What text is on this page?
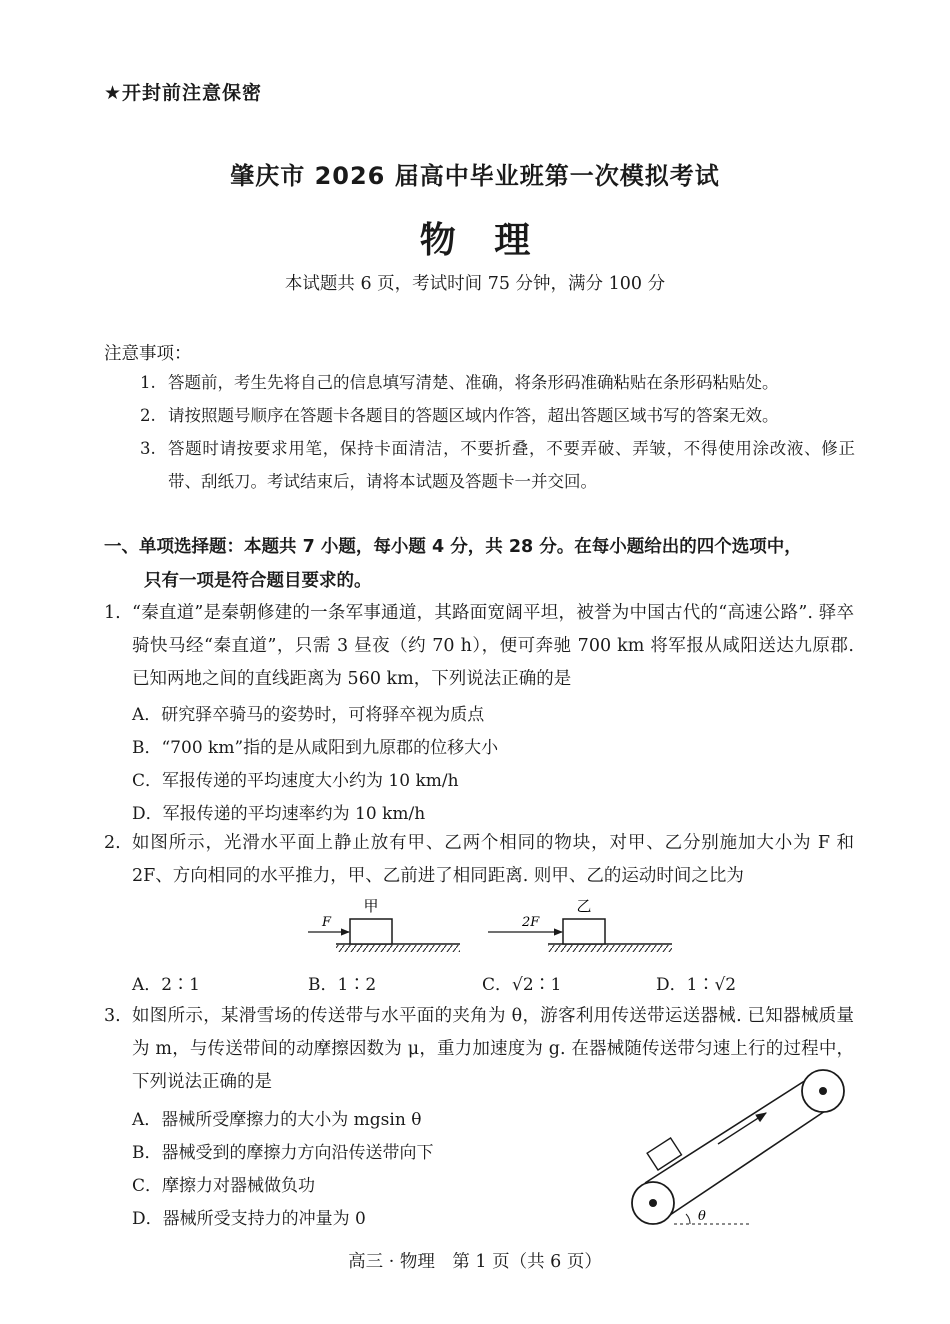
★开封前注意保密
肇庆市 2026 届高中毕业班第一次模拟考试
物 理
本试题共 6 页，考试时间 75 分钟，满分 100 分
注意事项：
1. 答题前，考生先将自己的信息填写清楚、准确，将条形码准确粘贴在条形码粘贴处。
2. 请按照题号顺序在答题卡各题目的答题区域内作答，超出答题区域书写的答案无效。
3. 答题时请按要求用笔，保持卡面清洁，不要折叠，不要弄破、弄皱，不得使用涂改液、修正带、刮纸刀。考试结束后，请将本试题及答题卡一并交回。
一、单项选择题：本题共 7 小题，每小题 4 分，共 28 分。在每小题给出的四个选项中，
只有一项是符合题目要求的。
1. “秦直道”是秦朝修建的一条军事通道，其路面宽阔平坦，被誉为中国古代的“高速公路”. 驿卒骑快马经“秦直道”，只需 3 昼夜（约 70 h），便可奔驰 700 km 将军报从咸阳送达九原郡. 已知两地之间的直线距离为 560 km，下列说法正确的是
A．研究驿卒骑马的姿势时，可将驿卒视为质点
B．“700 km”指的是从咸阳到九原郡的位移大小
C．军报传递的平均速度大小约为 10 km/h
D．军报传递的平均速率约为 10 km/h
2. 如图所示，光滑水平面上静止放有甲、乙两个相同的物块，对甲、乙分别施加大小为 F 和 2F、方向相同的水平推力，甲、乙前进了相同距离. 则甲、乙的运动时间之比为
甲
F
乙
2F
A．2∶1	B．1∶2	C．√2∶1	D．1∶√2
3. 如图所示，某滑雪场的传送带与水平面的夹角为 θ，游客利用传送带运送器械. 已知器械质量为 m，与传送带间的动摩擦因数为 μ，重力加速度为 g. 在器械随传送带匀速上行的过程中，下列说法正确的是
A．器械所受摩擦力的大小为 mgsin θ
B．器械受到的摩擦力方向沿传送带向下
C．摩擦力对器械做负功
D．器械所受支持力的冲量为 0	θ
高三 · 物理　第 1 页（共 6 页）
